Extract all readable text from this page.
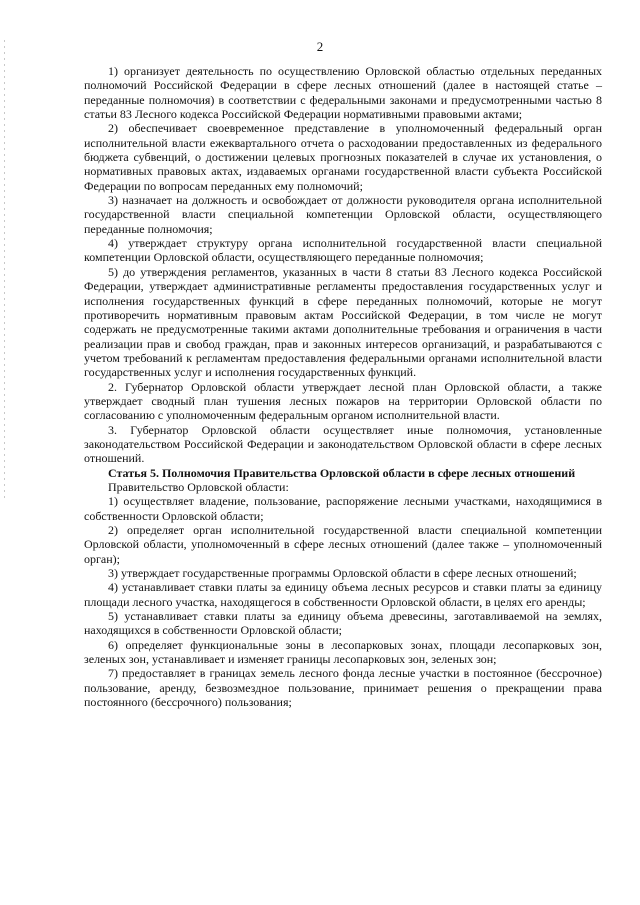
2

1) организует деятельность по осуществлению Орловской областью отдельных переданных полномочий Российской Федерации в сфере лесных отношений (далее в настоящей статье – переданные полномочия) в соответствии с федеральными законами и предусмотренными частью 8 статьи 83 Лесного кодекса Российской Федерации нормативными правовыми актами;

2) обеспечивает своевременное представление в уполномоченный федеральный орган исполнительной власти ежеквартального отчета о расходовании предоставленных из федерального бюджета субвенций, о достижении целевых прогнозных показателей в случае их установления, о нормативных правовых актах, издаваемых органами государственной власти субъекта Российской Федерации по вопросам переданных ему полномочий;

3) назначает на должность и освобождает от должности руководителя органа исполнительной государственной власти специальной компетенции Орловской области, осуществляющего переданные полномочия;

4) утверждает структуру органа исполнительной государственной власти специальной компетенции Орловской области, осуществляющего переданные полномочия;

5) до утверждения регламентов, указанных в части 8 статьи 83 Лесного кодекса Российской Федерации, утверждает административные регламенты предоставления государственных услуг и исполнения государственных функций в сфере переданных полномочий, которые не могут противоречить нормативным правовым актам Российской Федерации, в том числе не могут содержать не предусмотренные такими актами дополнительные требования и ограничения в части реализации прав и свобод граждан, прав и законных интересов организаций, и разрабатываются с учетом требований к регламентам предоставления федеральными органами исполнительной власти государственных услуг и исполнения государственных функций.

2. Губернатор Орловской области утверждает лесной план Орловской области, а также утверждает сводный план тушения лесных пожаров на территории Орловской области по согласованию с уполномоченным федеральным органом исполнительной власти.

3. Губернатор Орловской области осуществляет иные полномочия, установленные законодательством Российской Федерации и законодательством Орловской области в сфере лесных отношений.

Статья 5. Полномочия Правительства Орловской области в сфере лесных отношений

Правительство Орловской области:

1) осуществляет владение, пользование, распоряжение лесными участками, находящимися в собственности Орловской области;

2) определяет орган исполнительной государственной власти специальной компетенции Орловской области, уполномоченный в сфере лесных отношений (далее также – уполномоченный орган);

3) утверждает государственные программы Орловской области в сфере лесных отношений;

4) устанавливает ставки платы за единицу объема лесных ресурсов и ставки платы за единицу площади лесного участка, находящегося в собственности Орловской области, в целях его аренды;

5) устанавливает ставки платы за единицу объема древесины, заготавливаемой на землях, находящихся в собственности Орловской области;

6) определяет функциональные зоны в лесопарковых зонах, площади лесопарковых зон, зеленых зон, устанавливает и изменяет границы лесопарковых зон, зеленых зон;

7) предоставляет в границах земель лесного фонда лесные участки в постоянное (бессрочное) пользование, аренду, безвозмездное пользование, принимает решения о прекращении права постоянного (бессрочного) пользования;
